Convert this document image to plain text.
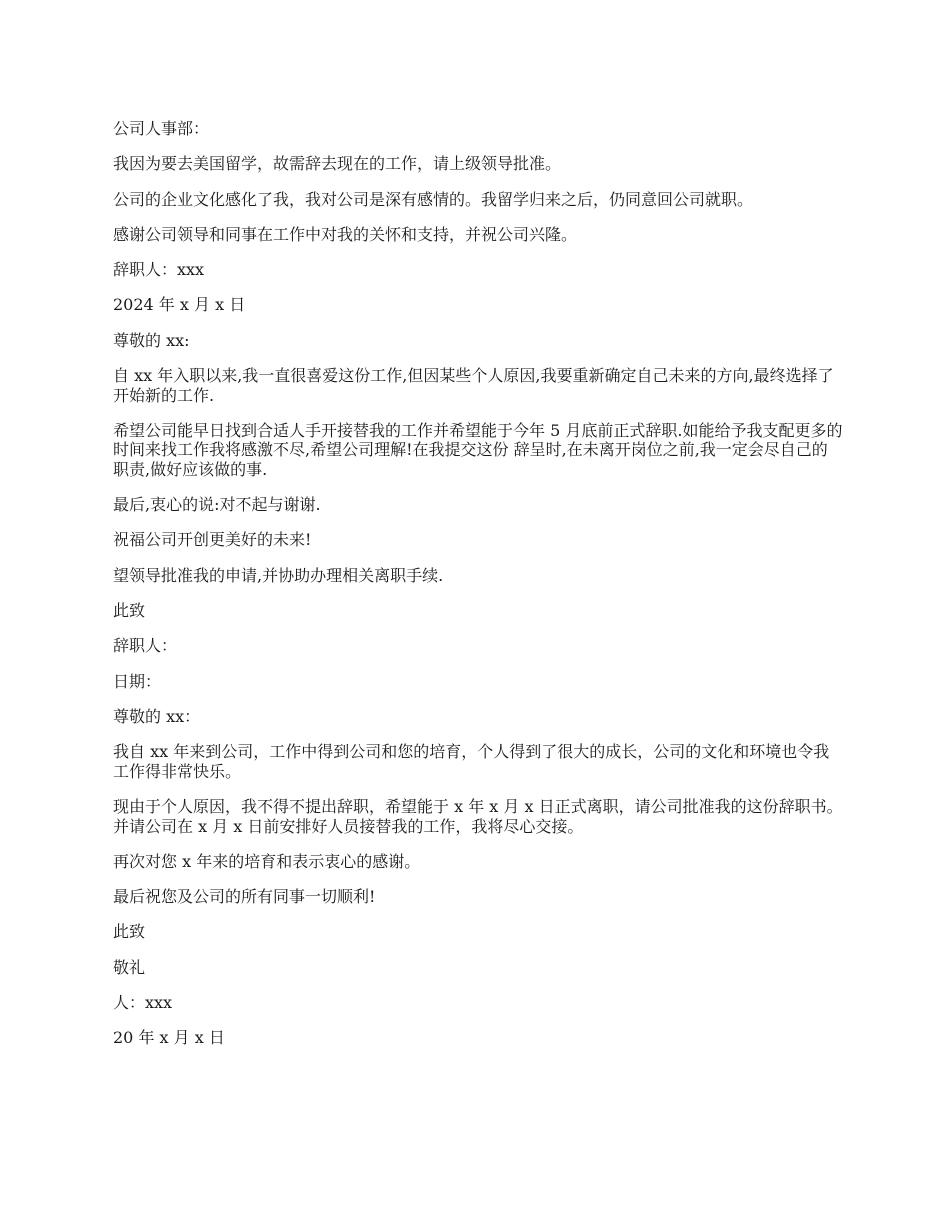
公司人事部：

我因为要去美国留学，故需辞去现在的工作，请上级领导批准。

公司的企业文化感化了我，我对公司是深有感情的。我留学归来之后，仍同意回公司就职。

感谢公司领导和同事在工作中对我的关怀和支持，并祝公司兴隆。

辞职人：xxx

2024 年 x 月 x 日

尊敬的 xx:

自 xx 年入职以来,我一直很喜爱这份工作,但因某些个人原因,我要重新确定自己未来的方向,最终选择了开始新的工作.

希望公司能早日找到合适人手开接替我的工作并希望能于今年 5 月底前正式辞职.如能给予我支配更多的时间来找工作我将感激不尽,希望公司理解!在我提交这份 辞呈时,在未离开岗位之前,我一定会尽自己的职责,做好应该做的事.

最后,衷心的说:对不起与谢谢.

祝福公司开创更美好的未来!

望领导批准我的申请,并协助办理相关离职手续.

此致

辞职人：

日期：

尊敬的 xx：

我自 xx 年来到公司，工作中得到公司和您的培育，个人得到了很大的成长，公司的文化和环境也令我工作得非常快乐。

现由于个人原因，我不得不提出辞职，希望能于 x 年 x 月 x 日正式离职，请公司批准我的这份辞职书。并请公司在 x 月 x 日前安排好人员接替我的工作，我将尽心交接。

再次对您 x 年来的培育和表示衷心的感谢。

最后祝您及公司的所有同事一切顺利!

此致

敬礼

人：xxx

20 年 x 月 x 日
